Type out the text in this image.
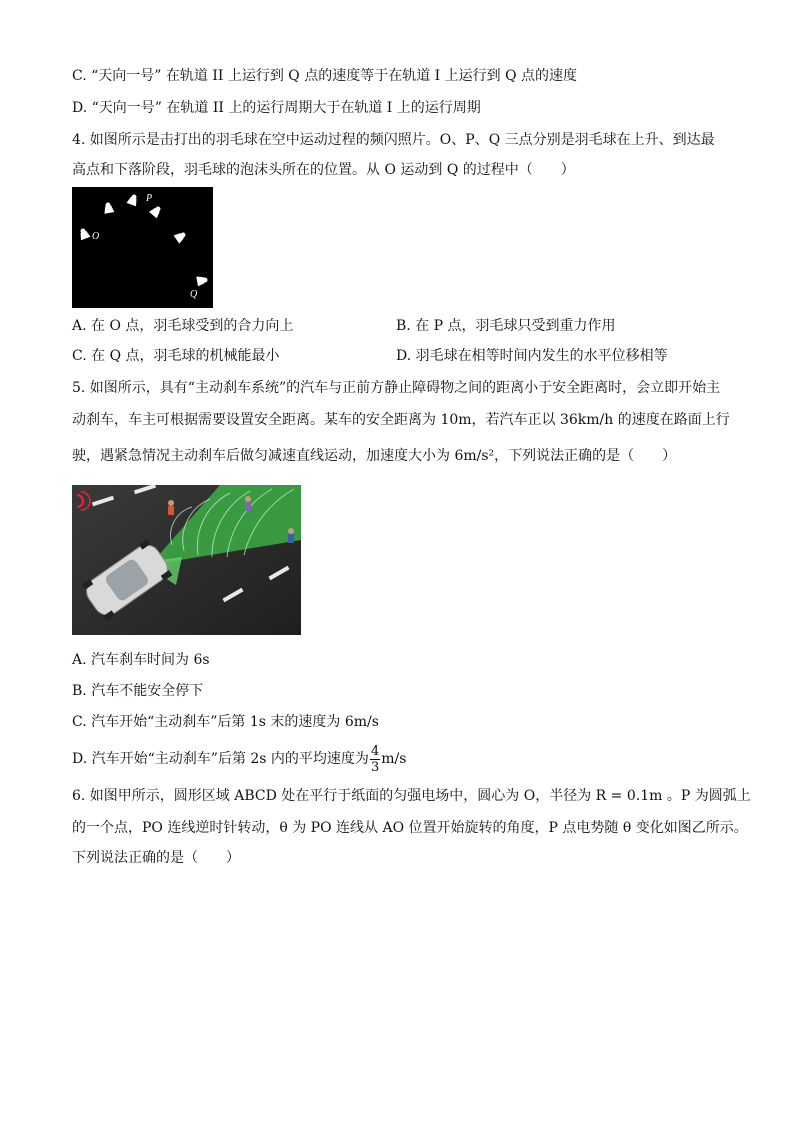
C. “天向一号” 在轨道 II 上运行到 Q 点的速度等于在轨道 I 上运行到 Q 点的速度
D. “天向一号” 在轨道 II 上的运行周期大于在轨道 I 上的运行周期
4. 如图所示是击打出的羽毛球在空中运动过程的频闪照片。O、P、Q 三点分别是羽毛球在上升、到达最
高点和下落阶段，羽毛球的泡沫头所在的位置。从 O 运动到 Q 的过程中（　　）
O
P
Q
A. 在 O 点，羽毛球受到的合力向上	B. 在 P 点，羽毛球只受到重力作用
C. 在 Q 点，羽毛球的机械能最小	D. 羽毛球在相等时间内发生的水平位移相等
5. 如图所示，具有“主动刹车系统”的汽车与正前方静止障碍物之间的距离小于安全距离时，会立即开始主
动刹车，车主可根据需要设置安全距离。某车的安全距离为 10m，若汽车正以 36km/h 的速度在路面上行
驶，遇紧急情况主动刹车后做匀减速直线运动，加速度大小为 6m/s²，下列说法正确的是（　　）
A. 汽车刹车时间为 6s
B. 汽车不能安全停下
C. 汽车开始“主动刹车”后第 1s 末的速度为 6m/s
D. 汽车开始“主动刹车”后第 2s 内的平均速度为 $\frac{4}{3} m/s$
6. 如图甲所示，圆形区域 ABCD 处在平行于纸面的匀强电场中，圆心为 O，半径为 R = 0.1m 。P 为圆弧上
的一个点，PO 连线逆时针转动，θ 为 PO 连线从 AO 位置开始旋转的角度，P 点电势随 θ 变化如图乙所示。
下列说法正确的是（　　）
